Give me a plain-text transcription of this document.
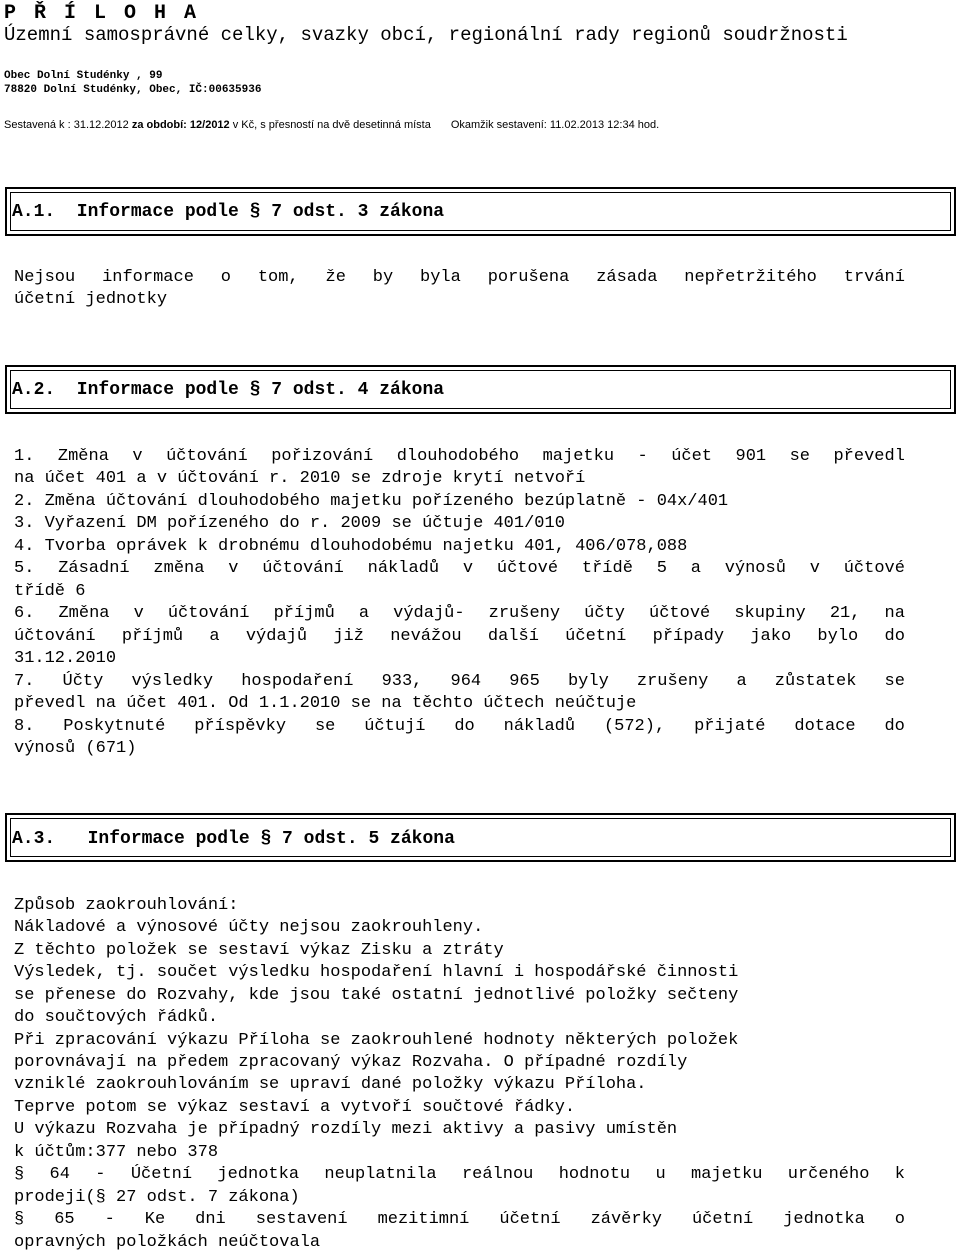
P Ř Í L O H A
Územní samosprávné celky, svazky obcí, regionální rady regionů soudržnosti
Obec Dolní Studénky , 99
78820 Dolní Studénky, Obec, IČ:00635936
Sestavená k : 31.12.2012 za období: 12/2012 v Kč, s přesností na dvě desetinná místa Okamžik sestavení: 11.02.2013 12:34 hod.
A.1.  Informace podle § 7 odst. 3 zákona
Nejsou informace o tom, že by byla porušena zásada nepřetržitého trvání
účetní jednotky
A.2.  Informace podle § 7 odst. 4 zákona
1. Změna v účtování pořizování dlouhodobého majetku - účet 901 se převedl
na účet 401 a v účtování r. 2010 se zdroje krytí netvoří
2. Změna účtování dlouhodobého majetku pořízeného bezúplatně - 04x/401
3. Vyřazení DM pořízeného do r. 2009 se účtuje 401/010
4. Tvorba oprávek k drobnému dlouhodobému najetku 401, 406/078,088
5. Zásadní změna v účtování nákladů v účtové třídě 5 a výnosů v účtové
třídě 6
6. Změna v účtování příjmů a výdajů- zrušeny účty účtové skupiny 21, na
účtování příjmů a výdajů již nevážou další účetní případy jako bylo do
31.12.2010
7. Účty výsledky hospodaření 933, 964 965 byly zrušeny a zůstatek se
převedl na účet 401. Od 1.1.2010 se na těchto účtech neúčtuje
8. Poskytnuté příspěvky se účtují do nákladů (572), přijaté dotace do
výnosů (671)
A.3.   Informace podle § 7 odst. 5 zákona
Způsob zaokrouhlování:
Nákladové a výnosové účty nejsou zaokrouhleny.
Z těchto položek se sestaví výkaz Zisku a ztráty
Výsledek, tj. součet výsledku hospodaření hlavní i hospodářské činnosti
se přenese do Rozvahy, kde jsou také ostatní jednotlivé položky sečteny
do součtových řádků.
Při zpracování výkazu Příloha se zaokrouhlené hodnoty některých položek
porovnávají na předem zpracovaný výkaz Rozvaha. O případné rozdíly
vzniklé zaokrouhlováním se upraví dané položky výkazu Příloha.
Teprve potom se výkaz sestaví a vytvoří součtové řádky.
U výkazu Rozvaha je případný rozdíly mezi aktivy a pasivy umístěn
k účtům:377 nebo 378
§ 64 - Účetní jednotka neuplatnila reálnou hodnotu u majetku určeného k
prodeji(§ 27 odst. 7 zákona)
§ 65 - Ke dni sestavení mezitimní účetní závěrky účetní jednotka o
opravných položkách neúčtovala
